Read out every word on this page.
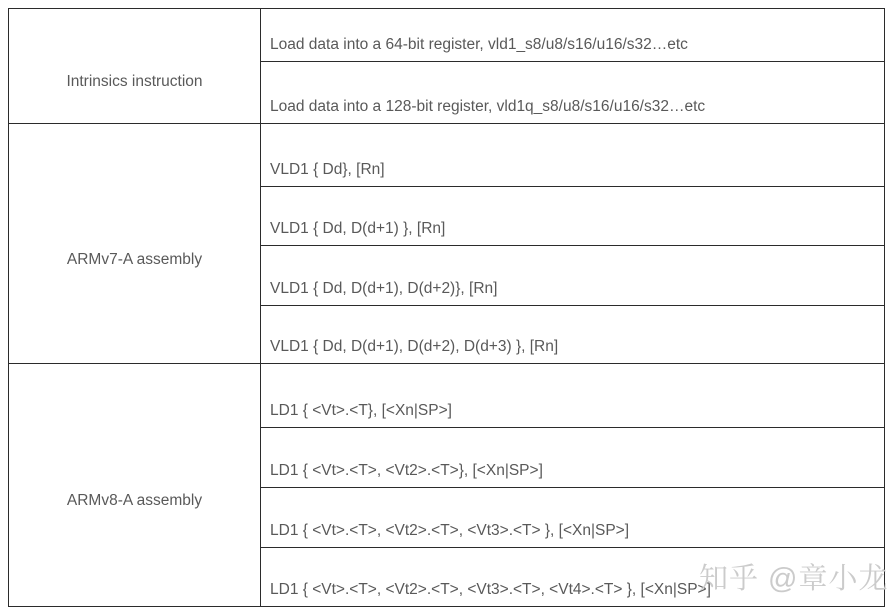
Intrinsics instruction
ARMv7-A assembly
ARMv8-A assembly
Load data into a 64-bit register, vld1_s8/u8/s16/u16/s32…etc
Load data into a 128-bit register, vld1q_s8/u8/s16/u16/s32…etc
VLD1 { Dd}, [Rn]
VLD1 { Dd, D(d+1) }, [Rn]
VLD1 { Dd, D(d+1), D(d+2)}, [Rn]
VLD1 { Dd, D(d+1), D(d+2), D(d+3) }, [Rn]
LD1 { <Vt>.<T}, [<Xn|SP>]
LD1 { <Vt>.<T>, <Vt2>.<T>}, [<Xn|SP>]
LD1 { <Vt>.<T>, <Vt2>.<T>, <Vt3>.<T> }, [<Xn|SP>]
LD1 { <Vt>.<T>, <Vt2>.<T>, <Vt3>.<T>, <Vt4>.<T> }, [<Xn|SP>]
知乎 @章小龙
